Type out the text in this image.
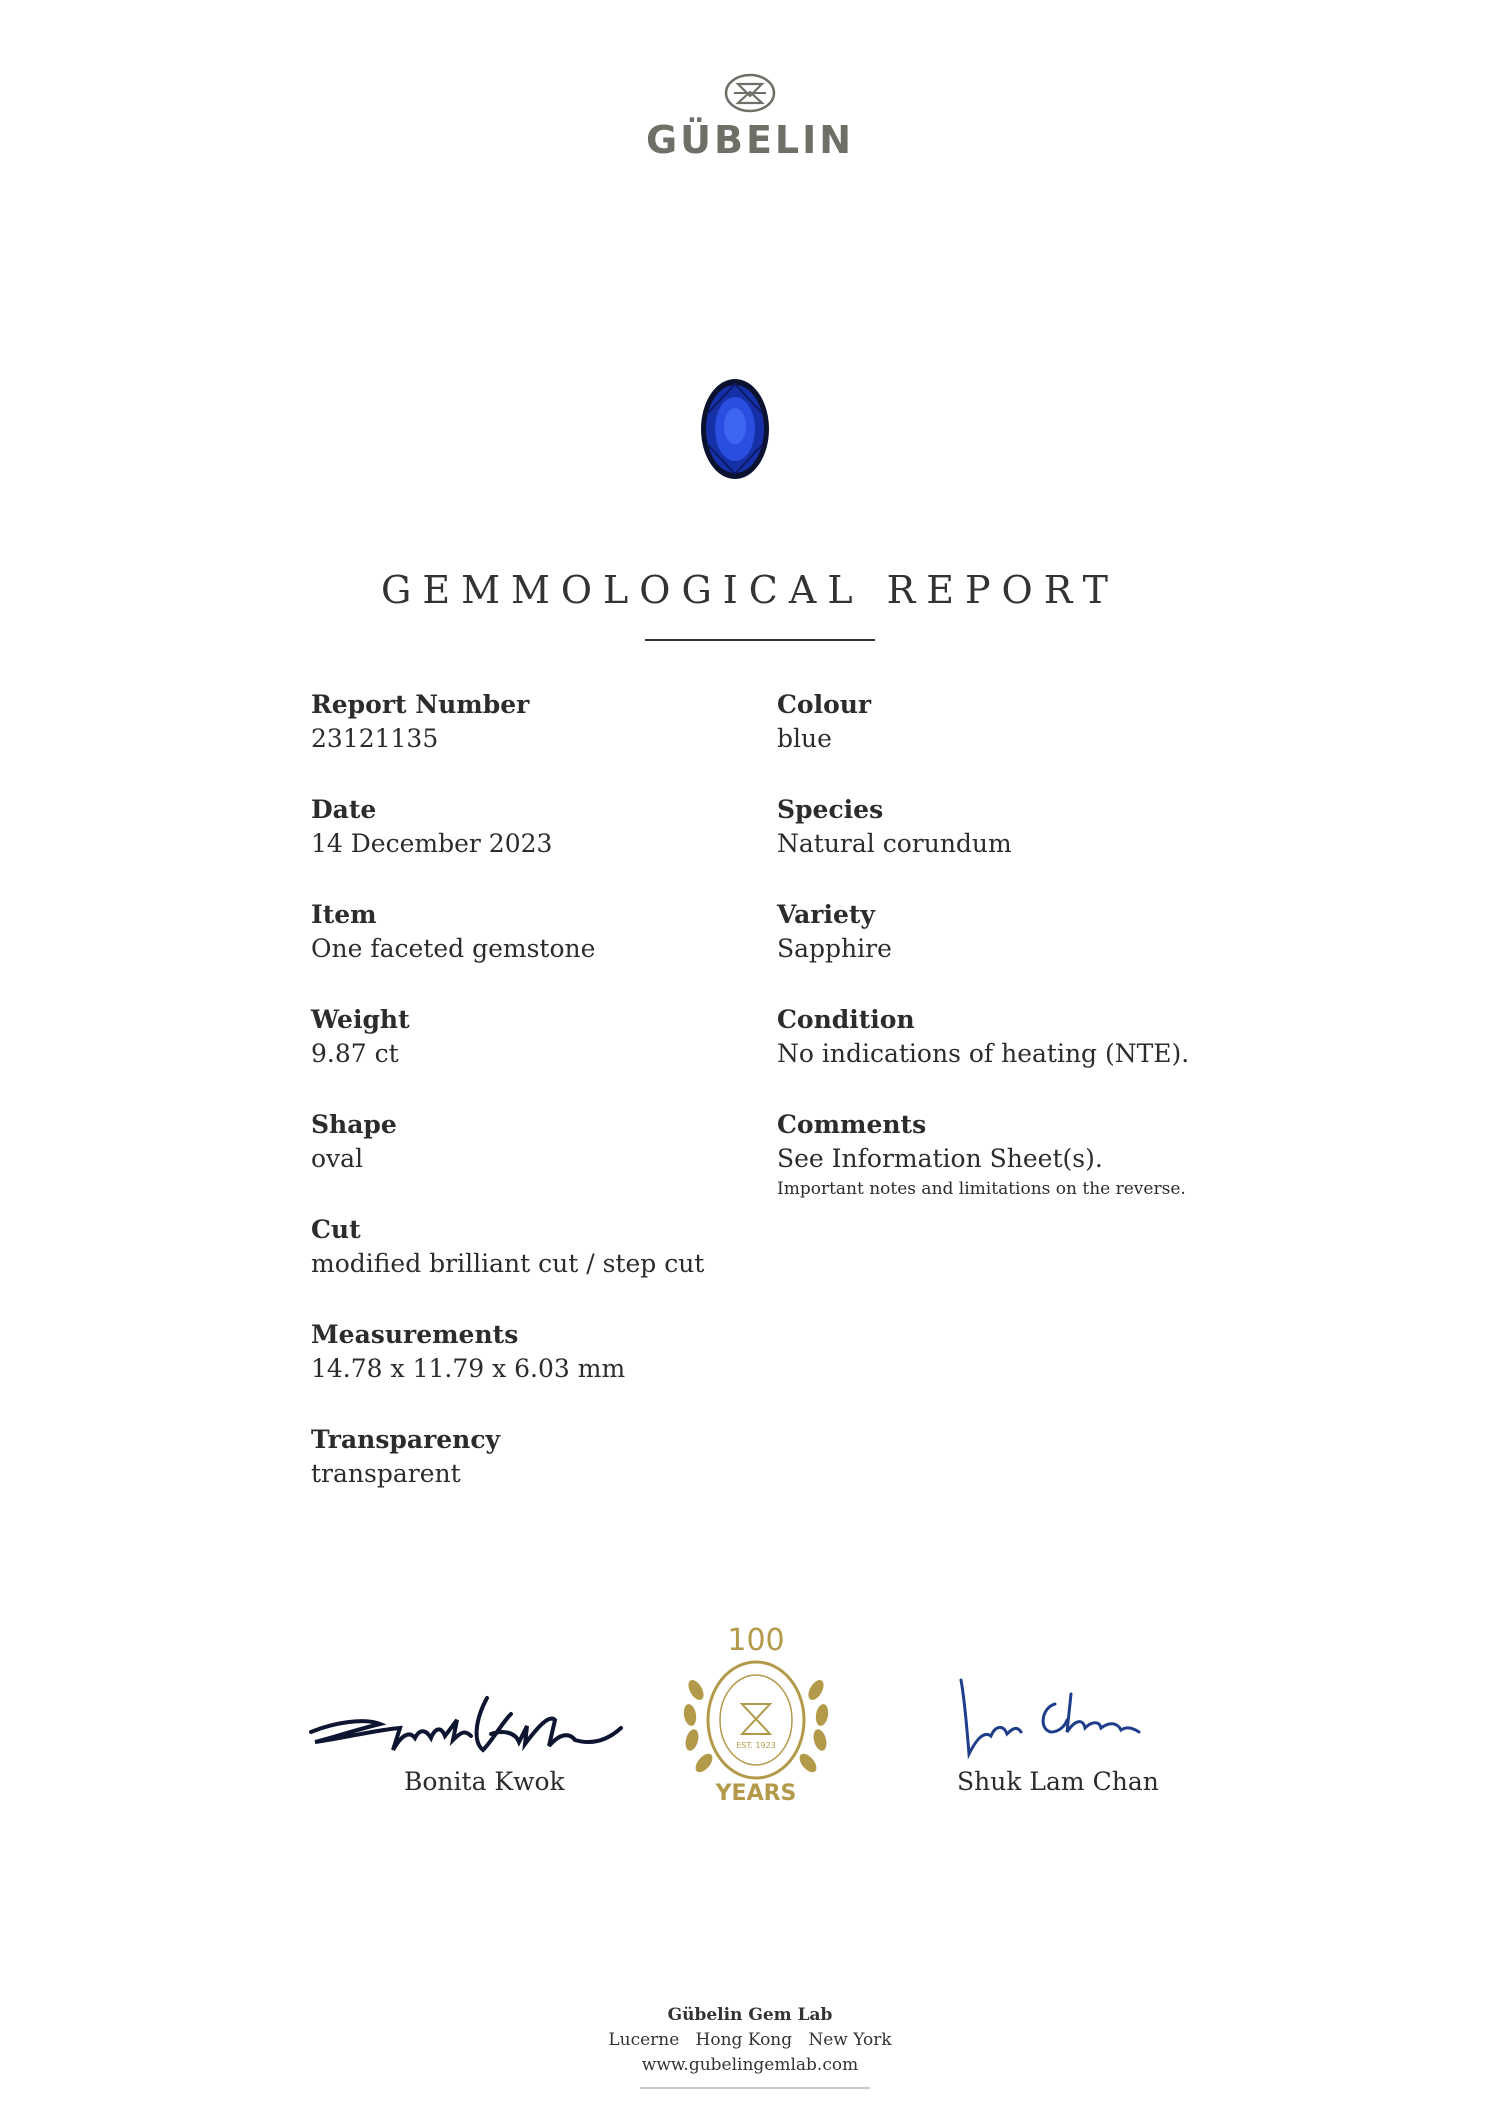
GÜBELIN
GEMMOLOGICAL REPORT
Report Number
23121135
Date
14 December 2023
Item
One faceted gemstone
Weight
9.87 ct
Shape
oval
Cut
modified brilliant cut / step cut
Measurements
14.78 x 11.79 x 6.03 mm
Transparency
transparent
Colour
blue
Species
Natural corundum
Variety
Sapphire
Condition
No indications of heating (NTE).
Comments
See Information Sheet(s).
Important notes and limitations on the reverse.
Bonita Kwok
100
EST. 1923
YEARS	Shuk Lam Chan
Gübelin Gem Lab
Lucerne   Hong Kong   New York
www.gubelingemlab.com
